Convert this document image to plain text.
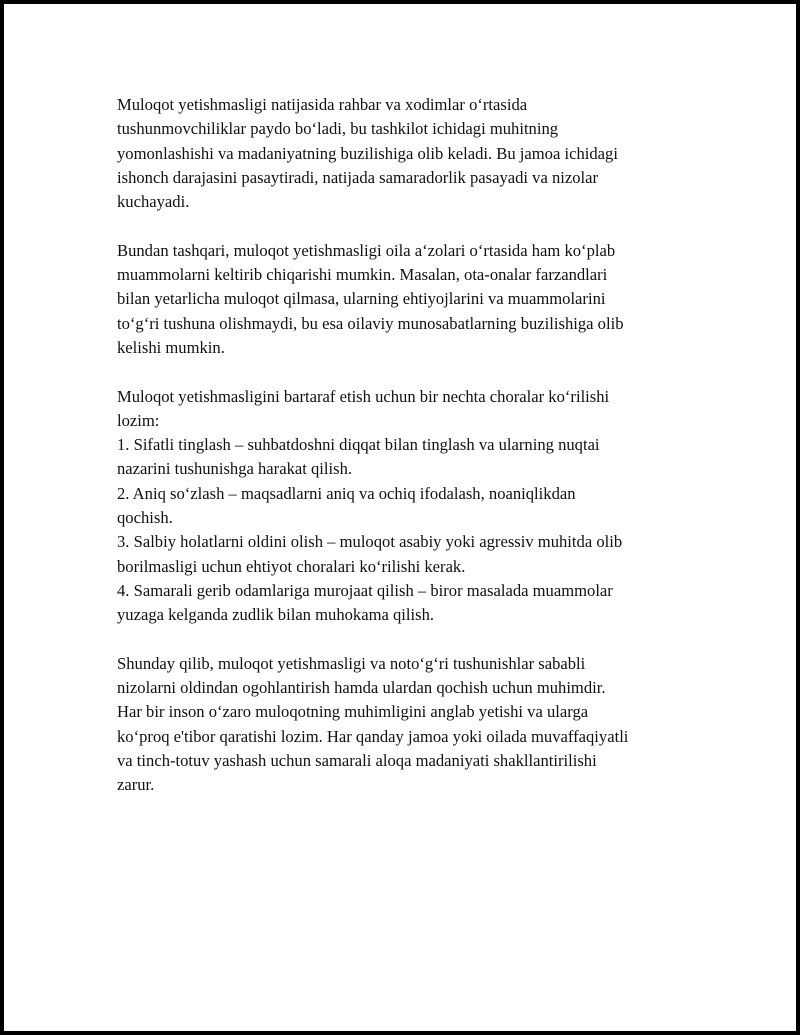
Muloqot yetishmasligi natijasida rahbar va xodimlar o‘rtasida
tushunmovchiliklar paydo bo‘ladi, bu tashkilot ichidagi muhitning
yomonlashishi va madaniyatning buzilishiga olib keladi. Bu jamoa ichidagi
ishonch darajasini pasaytiradi, natijada samaradorlik pasayadi va nizolar
kuchayadi.
Bundan tashqari, muloqot yetishmasligi oila a‘zolari o‘rtasida ham ko‘plab
muammolarni keltirib chiqarishi mumkin. Masalan, ota-onalar farzandlari
bilan yetarlicha muloqot qilmasa, ularning ehtiyojlarini va muammolarini
to‘g‘ri tushuna olishmaydi, bu esa oilaviy munosabatlarning buzilishiga olib
kelishi mumkin.
Muloqot yetishmasligini bartaraf etish uchun bir nechta choralar ko‘rilishi
lozim:
1. Sifatli tinglash – suhbatdoshni diqqat bilan tinglash va ularning nuqtai
nazarini tushunishga harakat qilish.
2. Aniq so‘zlash – maqsadlarni aniq va ochiq ifodalash, noaniqlikdan
qochish.
3. Salbiy holatlarni oldini olish – muloqot asabiy yoki agressiv muhitda olib
borilmasligi uchun ehtiyot choralari ko‘rilishi kerak.
4. Samarali gerib odamlariga murojaat qilish – biror masalada muammolar
yuzaga kelganda zudlik bilan muhokama qilish.
Shunday qilib, muloqot yetishmasligi va noto‘g‘ri tushunishlar sababli
nizolarni oldindan ogohlantirish hamda ulardan qochish uchun muhimdir.
Har bir inson o‘zaro muloqotning muhimligini anglab yetishi va ularga
ko‘proq e'tibor qaratishi lozim. Har qanday jamoa yoki oilada muvaffaqiyatli
va tinch-totuv yashash uchun samarali aloqa madaniyati shakllantirilishi
zarur.
